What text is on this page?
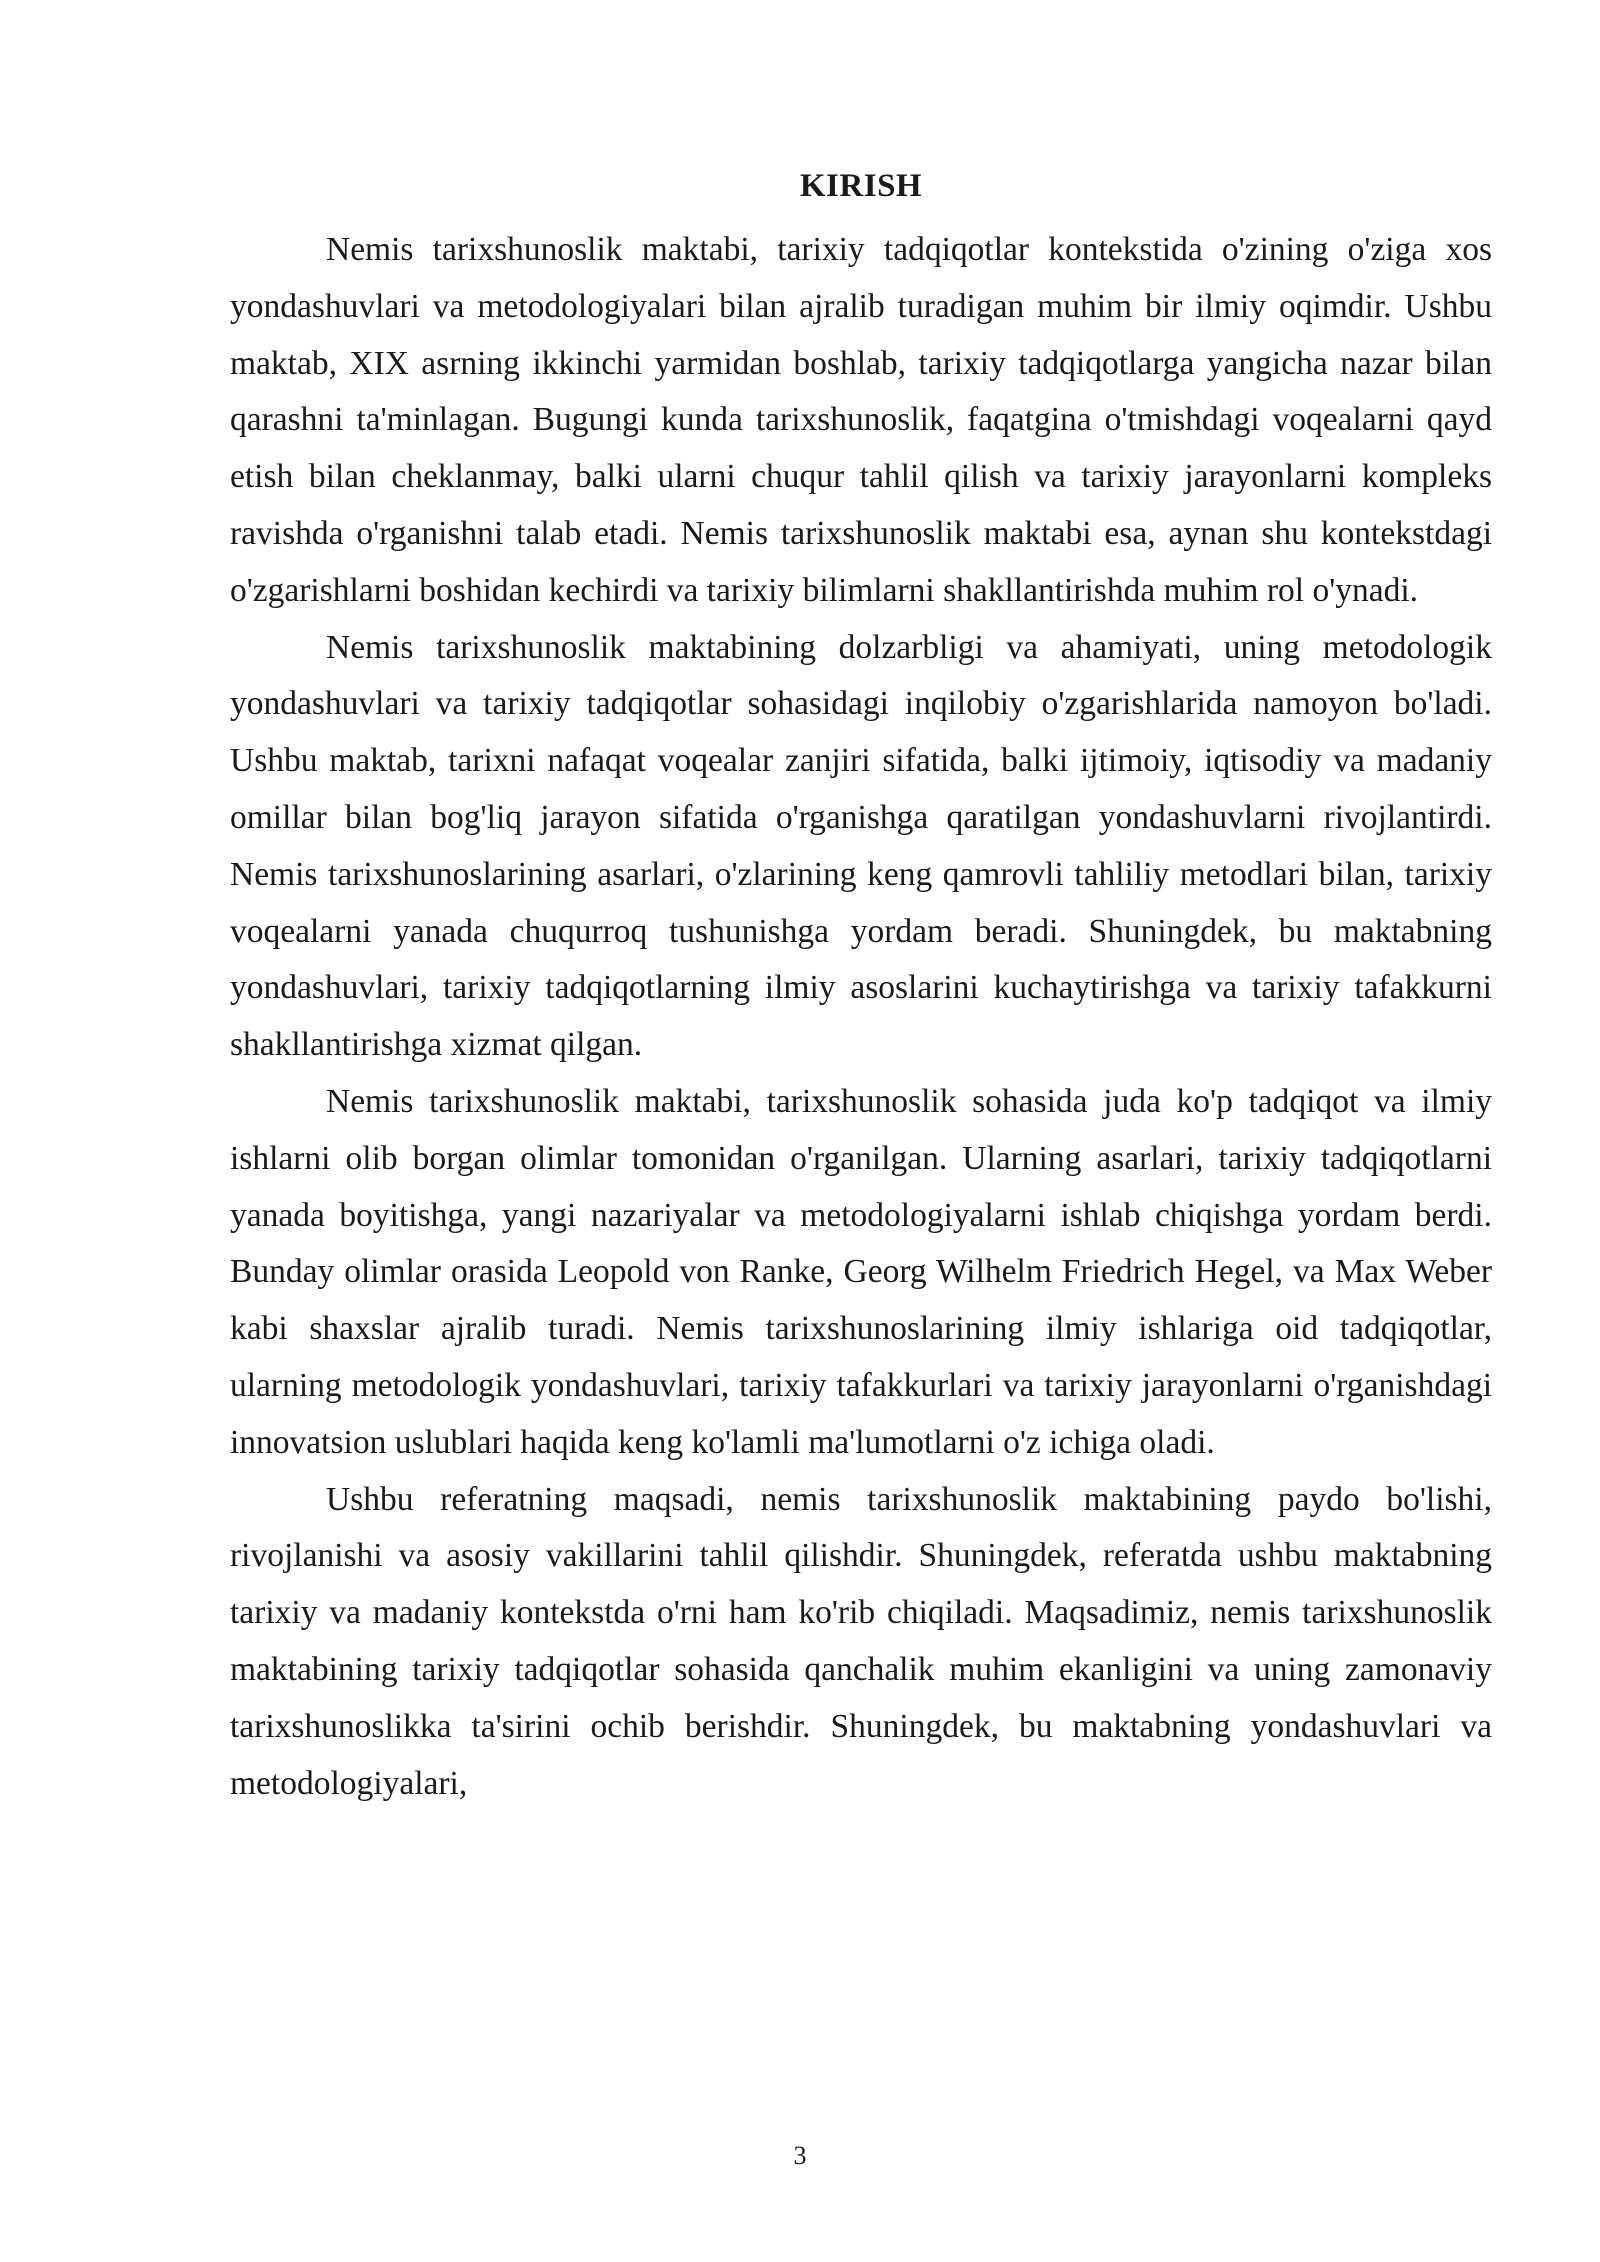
KIRISH

Nemis tarixshunoslik maktabi, tarixiy tadqiqotlar kontekstida o'zining o'ziga xos yondashuvlari va metodologiyalari bilan ajralib turadigan muhim bir ilmiy oqimdir. Ushbu maktab, XIX asrning ikkinchi yarmidan boshlab, tarixiy tadqiqotlarga yangicha nazar bilan qarashni ta'minlagan. Bugungi kunda tarixshunoslik, faqatgina o'tmishdagi voqealarni qayd etish bilan cheklanmay, balki ularni chuqur tahlil qilish va tarixiy jarayonlarni kompleks ravishda o'rganishni talab etadi. Nemis tarixshunoslik maktabi esa, aynan shu kontekstdagi o'zgarishlarni boshidan kechirdi va tarixiy bilimlarni shakllantirishda muhim rol o'ynadi.

Nemis tarixshunoslik maktabining dolzarbligi va ahamiyati, uning metodologik yondashuvlari va tarixiy tadqiqotlar sohasidagi inqilobiy o'zgarishlarida namoyon bo'ladi. Ushbu maktab, tarixni nafaqat voqealar zanjiri sifatida, balki ijtimoiy, iqtisodiy va madaniy omillar bilan bog'liq jarayon sifatida o'rganishga qaratilgan yondashuvlarni rivojlantirdi. Nemis tarixshunoslarining asarlari, o'zlarining keng qamrovli tahliliy metodlari bilan, tarixiy voqealarni yanada chuqurroq tushunishga yordam beradi. Shuningdek, bu maktabning yondashuvlari, tarixiy tadqiqotlarning ilmiy asoslarini kuchaytirishga va tarixiy tafakkurni shakllantirishga xizmat qilgan.

Nemis tarixshunoslik maktabi, tarixshunoslik sohasida juda ko'p tadqiqot va ilmiy ishlarni olib borgan olimlar tomonidan o'rganilgan. Ularning asarlari, tarixiy tadqiqotlarni yanada boyitishga, yangi nazariyalar va metodologiyalarni ishlab chiqishga yordam berdi. Bunday olimlar orasida Leopold von Ranke, Georg Wilhelm Friedrich Hegel, va Max Weber kabi shaxslar ajralib turadi. Nemis tarixshunoslarining ilmiy ishlariga oid tadqiqotlar, ularning metodologik yondashuvlari, tarixiy tafakkurlari va tarixiy jarayonlarni o'rganishdagi innovatsion uslublari haqida keng ko'lamli ma'lumotlarni o'z ichiga oladi.

Ushbu referatning maqsadi, nemis tarixshunoslik maktabining paydo bo'lishi, rivojlanishi va asosiy vakillarini tahlil qilishdir. Shuningdek, referatda ushbu maktabning tarixiy va madaniy kontekstda o'rni ham ko'rib chiqiladi. Maqsadimiz, nemis tarixshunoslik maktabining tarixiy tadqiqotlar sohasida qanchalik muhim ekanligini va uning zamonaviy tarixshunoslikka ta'sirini ochib berishdir. Shuningdek, bu maktabning yondashuvlari va metodologiyalari,

3
